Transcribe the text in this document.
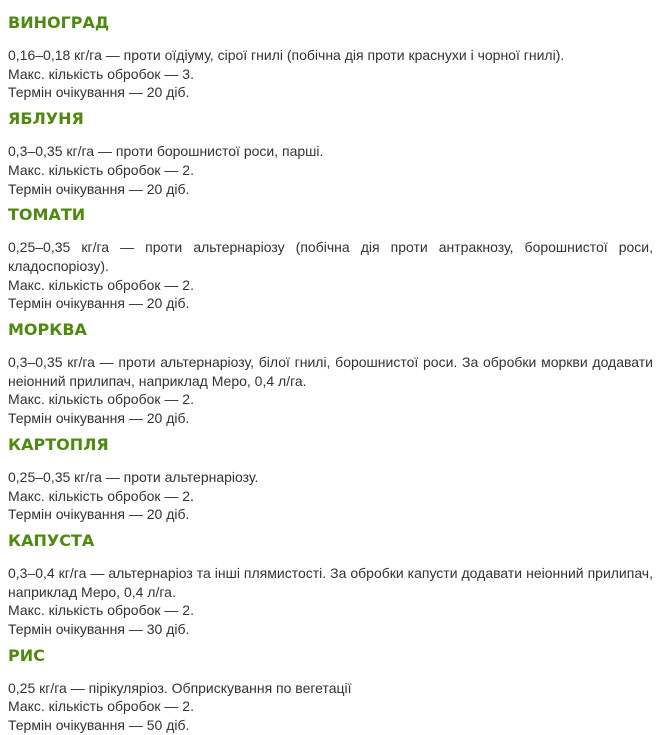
ВИНОГРАД

0,16–0,18 кг/га — проти оїдіуму, сірої гнилі (побічна дія проти краснухи і чорної гнилі).

Макс. кількість обробок — 3.

Термін очікування — 20 діб.

ЯБЛУНЯ

0,3–0,35 кг/га — проти борошнистої роси, парші.

Макс. кількість обробок — 2.

Термін очікування — 20 діб.

ТОМАТИ

0,25–0,35 кг/га — проти альтернаріозу (побічна дія проти антракнозу, борошнистої роси, кладоспоріозу).

Макс. кількість обробок — 2.

Термін очікування — 20 діб.

МОРКВА

0,3–0,35 кг/га — проти альтернаріозу, білої гнилі, борошнистої роси. За обробки моркви додавати неіонний прилипач, наприклад Меро, 0,4 л/га.

Макс. кількість обробок — 2.

Термін очікування — 20 діб.

КАРТОПЛЯ

0,25–0,35 кг/га — проти альтернаріозу.

Макс. кількість обробок — 2.

Термін очікування — 20 діб.

КАПУСТА

0,3–0,4 кг/га — альтернаріоз та інші плямистості. За обробки капусти додавати неіонний прилипач, наприклад Меро, 0,4 л/га.

Макс. кількість обробок — 2.

Термін очікування — 30 діб.

РИС

0,25 кг/га — пірікуляріоз. Обприскування по вегетації

Макс. кількість обробок — 2.

Термін очікування — 50 діб.
